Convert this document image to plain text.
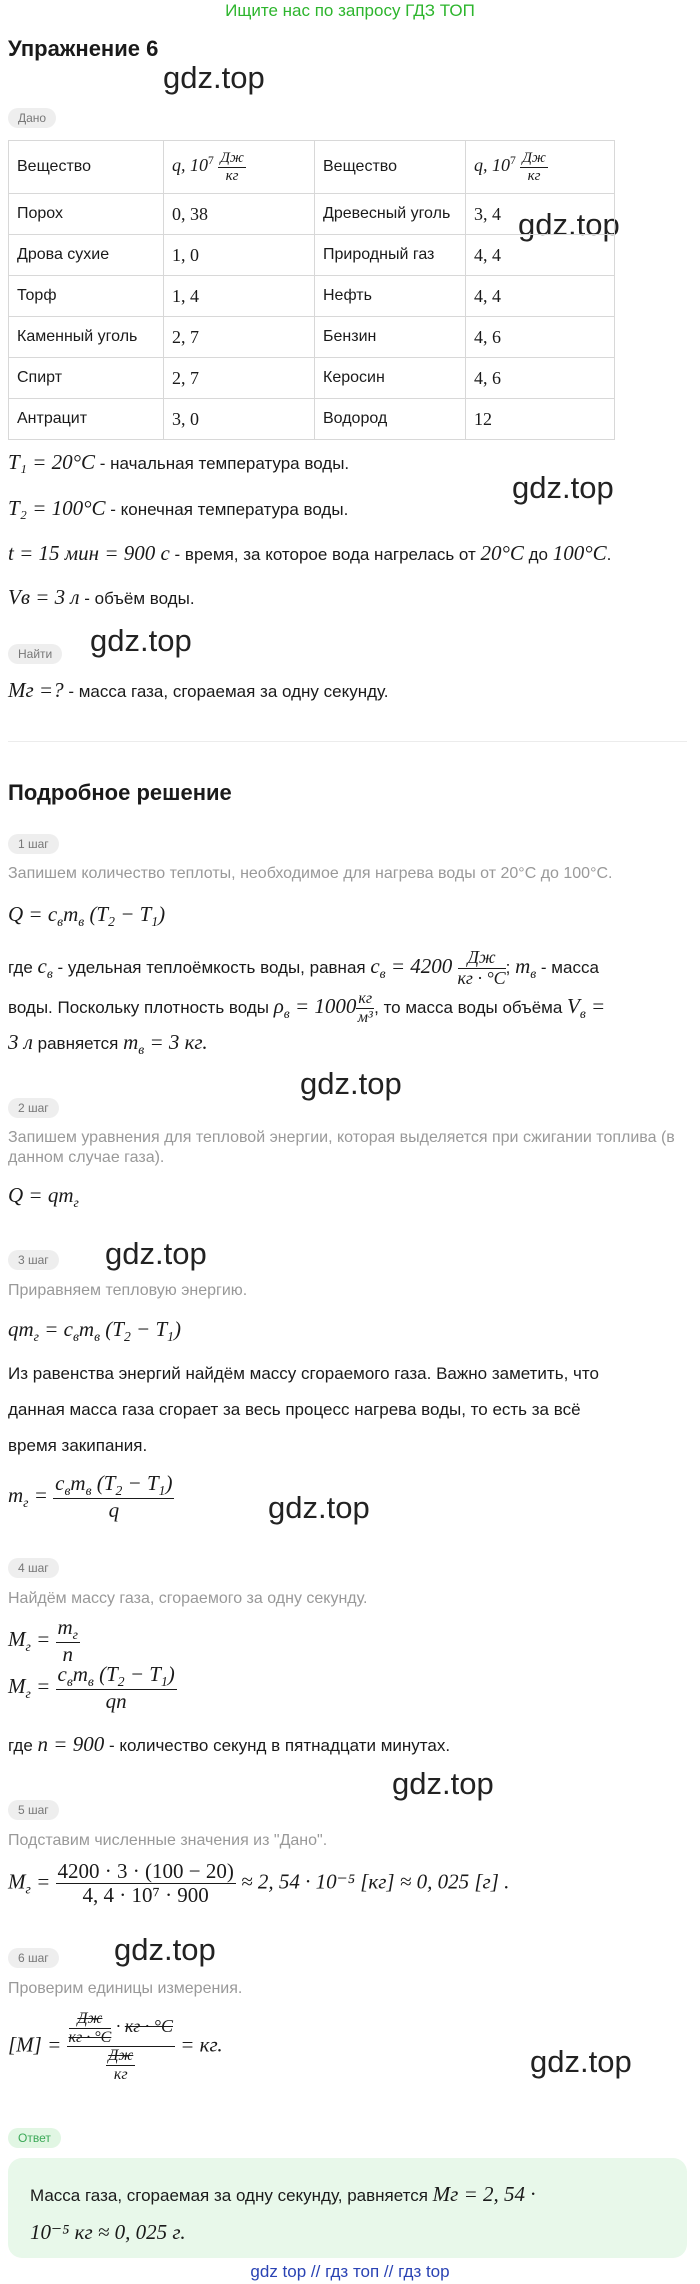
Ищите нас по запросу ГДЗ ТОП
Упражнение 6
gdz.top
gdz.top
gdz.top
gdz.top
gdz.top
gdz.top
gdz.top
gdz.top
gdz.top
gdz.top
Дано
Вещество	q, $10^7 \frac{Дж}{кг}$	Вещество	q, $10^7 \frac{Дж}{кг}$

Порох	0, 38	Древесный уголь	3, 4
Дрова сухие	1, 0	Природный газ	4, 4
Торф	1, 4	Нефть	4, 4
Каменный уголь	2, 7	Бензин	4, 6
Спирт	2, 7	Керосин	4, 6
Антрацит	3, 0	Водород	12
T₁ = 20°C - начальная температура воды.
T₂ = 100°C - конечная температура воды.
t = 15 мин = 900 с - время, за которое вода нагрелась от 20°C до 100°C.
Vв = 3 л - объём воды.
Найти
Mг =? - масса газа, сгораемая за одну секунду.
Подробное решение
1 шаг
Запишем количество теплоты, необходимое для нагрева воды от 20°C до 100°C.
$Q = c_вm_в$ $(T_2 - T_1)$
где $c_в$ - удельная теплоёмкость воды, равная $c_в = 4200 \frac{Дж}{кг \cdot ^\circ C}$ ; $m_в$ - масса
воды. Поскольку плотность воды $\rho_в = 1000 \frac{кг}{\text{м³}}$ , то масса воды объёма $V_в$ =
3 л равняется $m_в = 3$ кг.
2 шаг
Запишем уравнения для тепловой энергии, которая выделяется при сжигании топлива (в данном случае газа).
$Q = qm_г$
3 шаг
Приравняем тепловую энергию.
$qm_г = c_вm_в$ $(T_2 - T_1)$
Из равенства энергий найдём массу сгораемого газа. Важно заметить, что
данная масса газа сгорает за весь процесс нагрева воды, то есть за всё
время закипания.
$m_г = \frac{c_вm_в (T_2 - T_1)}{q}$
4 шаг
Найдём массу газа, сгораемого за одну секунду.
$M_г = \frac{m_г}{n}$
$M_г = \frac{c_вm_в (T_2 - T_1)}{qn}$
где n = 900 - количество секунд в пятнадцати минутах.
5 шаг
Подставим численные значения из "Дано".
$M_г = \frac{4200 \cdot 3 \cdot (100 - 20)}{\text{4, 4 · 10⁷ · 900}} \approx 2$, 54 · 10⁻⁵ [кг] ≈ 0, 025 [г] .
6 шаг
Проверим единицы измерения.
$[M] = \frac{\frac{Дж}{кг \cdot ^\circ C} \cdot кг \cdot ^\circ C}{\frac{Дж}{кг}}$ = кг.
Ответ
Масса газа, сгораемая за одну секунду, равняется Mг = 2, 54 ·
10⁻⁵ кг ≈ 0, 025 г.
gdz top // гдз топ // гдз top
